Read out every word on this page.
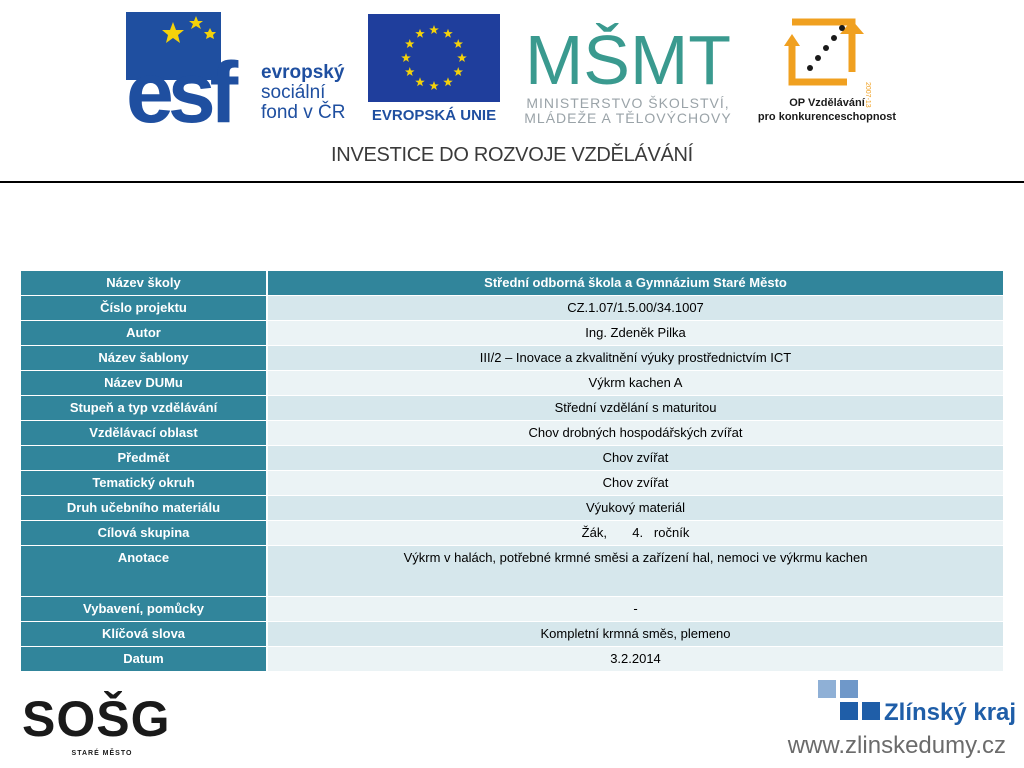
esf evropský
sociální
fond v ČR EVROPSKÁ UNIE
MŠMT
MINISTERSTVO ŠKOLSTVÍ,
MLÁDEŽE A TĚLOVÝCHOVY
2007-13
OP Vzdělávání
pro konkurenceschopnost
INVESTICE DO ROZVOJE VZDĚLÁVÁNÍ
Název školy	Střední odborná škola a Gymnázium Staré Město
Číslo projektu	CZ.1.07/1.5.00/34.1007
Autor	Ing. Zdeněk Pilka
Název šablony	III/2 – Inovace a zkvalitnění výuky prostřednictvím ICT
Název DUMu	Výkrm kachen A
Stupeň a typ vzdělávání	Střední vzdělání s maturitou
Vzdělávací oblast	Chov drobných hospodářských zvířat
Předmět	Chov zvířat
Tematický okruh	Chov zvířat
Druh učebního materiálu	Výukový materiál
Cílová skupina	Žák,       4.   ročník
Anotace	Výkrm v halách, potřebné krmné směsi a zařízení hal, nemoci ve výkrmu kachen
Vybavení, pomůcky	-
Klíčová slova	Kompletní krmná směs, plemeno
Datum	3.2.2014
SOŠG
STARÉ MĚSTO
Zlínský kraj
www.zlinskedumy.cz
